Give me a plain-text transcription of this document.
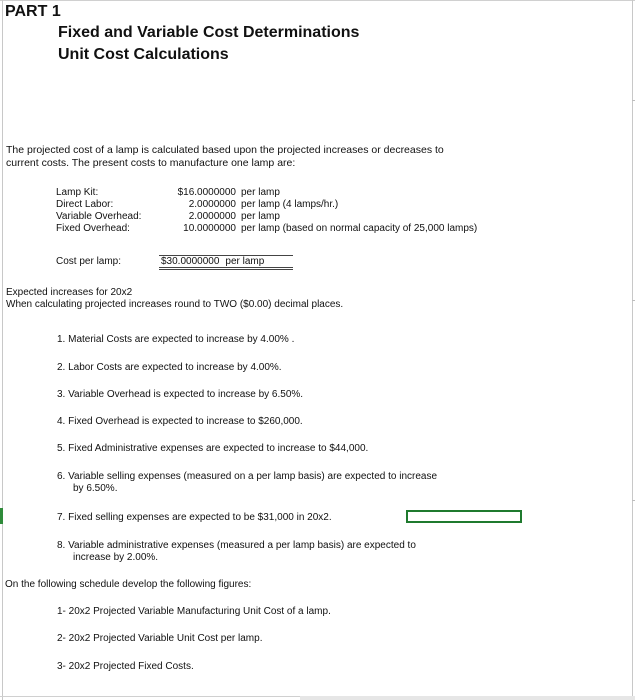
PART 1
Fixed and Variable Cost Determinations
Unit Cost Calculations
The projected cost of a lamp is calculated based upon the projected increases or decreases to
current costs. The present costs to manufacture one lamp are:
Lamp Kit:	$16.0000000 per lamp
Direct Labor:	2.0000000 per lamp (4 lamps/hr.)
Variable Overhead:	2.0000000 per lamp
Fixed Overhead:	10.0000000 per lamp (based on normal capacity of 25,000 lamps)
Cost per lamp:	$30.0000000 per lamp
Expected increases for 20x2
When calculating projected increases round to TWO ($0.00) decimal places.
1. Material Costs are expected to increase by 4.00% .
2. Labor Costs are expected to increase by 4.00%.
3. Variable Overhead is expected to increase by 6.50%.
4. Fixed Overhead is expected to increase to $260,000.
5. Fixed Administrative expenses are expected to increase to $44,000.
6. Variable selling expenses (measured on a per lamp basis) are expected to increase
by 6.50%.
7. Fixed selling expenses are expected to be $31,000 in 20x2.
8. Variable administrative expenses (measured a per lamp basis) are expected to
increase by 2.00%.
On the following schedule develop the following figures:
1- 20x2 Projected Variable Manufacturing Unit Cost of a lamp.
2- 20x2 Projected Variable Unit Cost per lamp.
3- 20x2 Projected Fixed Costs.
